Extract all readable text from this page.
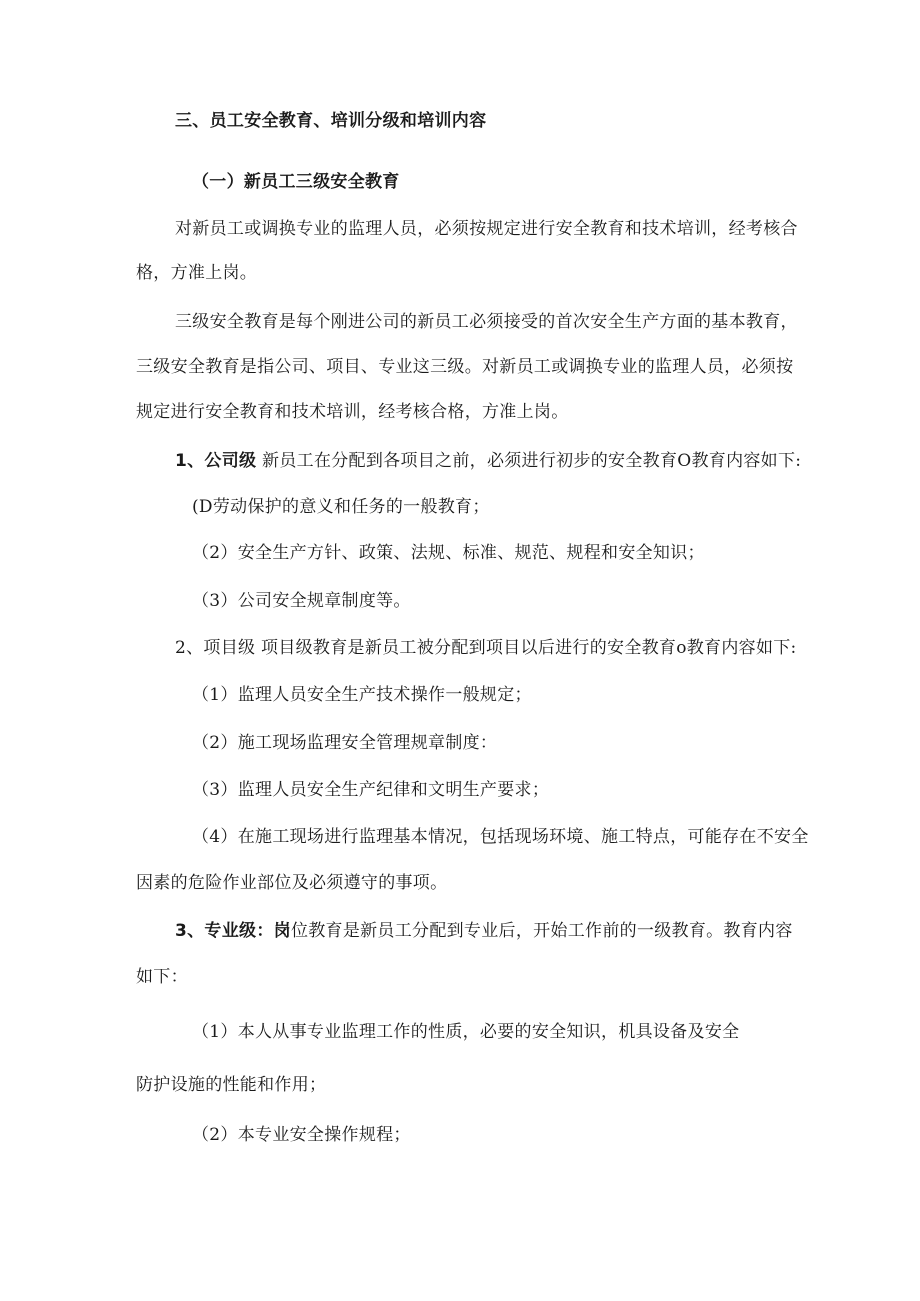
三、员工安全教育、培训分级和培训内容
（一）新员工三级安全教育
对新员工或调换专业的监理人员，必须按规定进行安全教育和技术培训，经考核合
格，方准上岗。
三级安全教育是每个刚进公司的新员工必须接受的首次安全生产方面的基本教育，
三级安全教育是指公司、项目、专业这三级。对新员工或调换专业的监理人员，必须按
规定进行安全教育和技术培训，经考核合格，方准上岗。
1、公司级 新员工在分配到各项目之前，必须进行初步的安全教育O教育内容如下:
(D劳动保护的意义和任务的一般教育；
（2）安全生产方针、政策、法规、标准、规范、规程和安全知识；
（3）公司安全规章制度等。
2、项目级 项目级教育是新员工被分配到项目以后进行的安全教育o教育内容如下:
（1）监理人员安全生产技术操作一般规定；
（2）施工现场监理安全管理规章制度：
（3）监理人员安全生产纪律和文明生产要求；
（4）在施工现场进行监理基本情况，包括现场环境、施工特点，可能存在不安全
因素的危险作业部位及必须遵守的事项。
3、专业级：岗位教育是新员工分配到专业后，开始工作前的一级教育。教育内容
如下：
（1）本人从事专业监理工作的性质，必要的安全知识，机具设备及安全
防护设施的性能和作用；
（2）本专业安全操作规程；
